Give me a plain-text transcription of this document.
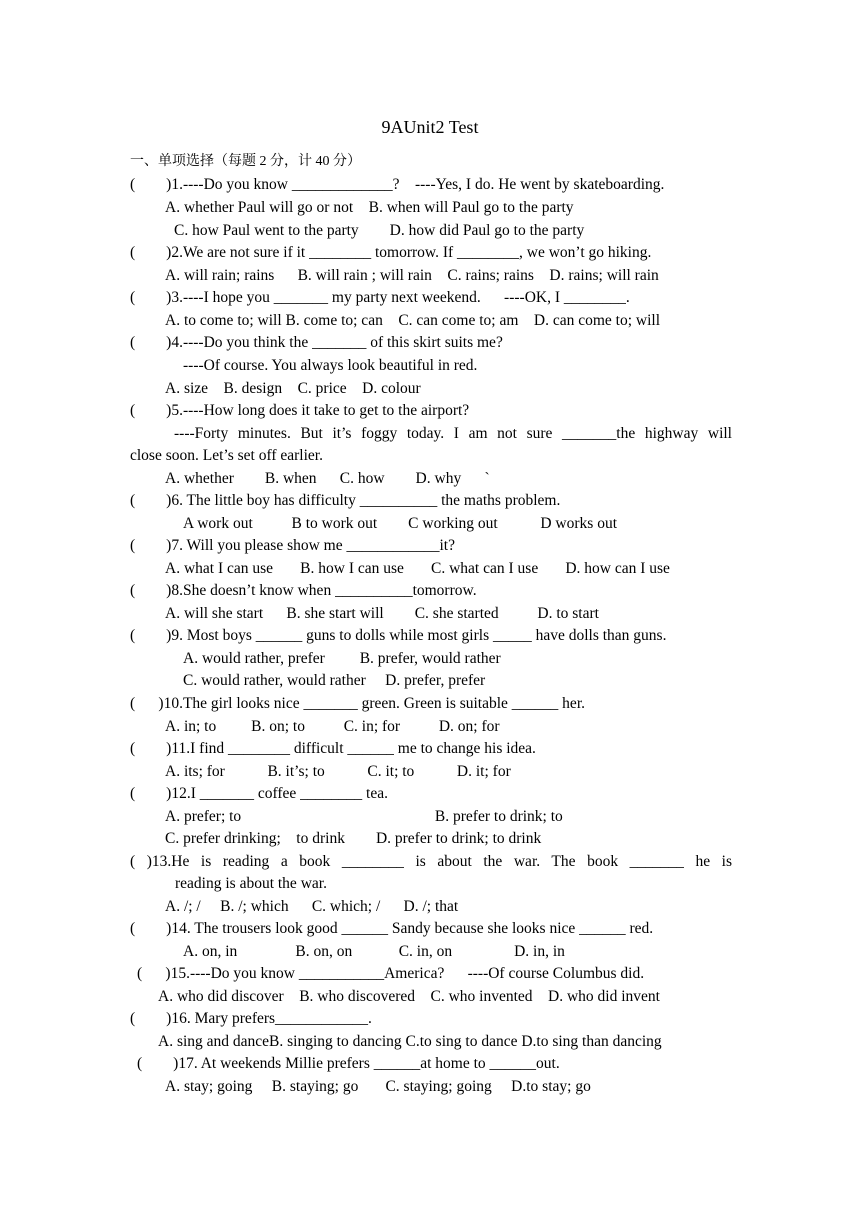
9AUnit2 Test
一、单项选择（每题 2 分，计 40 分）
(        )1.----Do you know _____________?    ----Yes, I do. He went by skateboarding.
A. whether Paul will go or not    B. when will Paul go to the party
C. how Paul went to the party        D. how did Paul go to the party
(        )2.We are not sure if it ________ tomorrow. If ________, we won’t go hiking.
A. will rain; rains      B. will rain ; will rain    C. rains; rains    D. rains; will rain
(        )3.----I hope you _______ my party next weekend.      ----OK, I ________.
A. to come to; will B. come to; can    C. can come to; am    D. can come to; will
(        )4.----Do you think the _______ of this skirt suits me?
----Of course. You always look beautiful in red.
A. size    B. design    C. price    D. colour
(        )5.----How long does it take to get to the airport?
----Forty minutes. But it’s foggy today. I am not sure _______the highway will
close soon. Let’s set off earlier.
A. whether        B. when      C. how        D. why      `
(        )6. The little boy has difficulty __________ the maths problem.
A work out          B to work out        C working out           D works out
(        )7. Will you please show me ____________it?
A. what I can use       B. how I can use       C. what can I use       D. how can I use
(        )8.She doesn’t know when __________tomorrow.
A. will she start      B. she start will        C. she started          D. to start
(        )9. Most boys ______ guns to dolls while most girls _____ have dolls than guns.
A. would rather, prefer         B. prefer, would rather
C. would rather, would rather     D. prefer, prefer
(      )10.The girl looks nice _______ green. Green is suitable ______ her.
A. in; to         B. on; to          C. in; for          D. on; for
(        )11.I find ________ difficult ______ me to change his idea.
A. its; for           B. it’s; to           C. it; to           D. it; for
(        )12.I _______ coffee ________ tea.
A. prefer; to                                                  B. prefer to drink; to
C. prefer drinking;    to drink        D. prefer to drink; to drink
( )13.He is reading a book ________ is about the war. The book _______ he is
reading is about the war.
A. /; /     B. /; which      C. which; /      D. /; that
(        )14. The trousers look good ______ Sandy because she looks nice ______ red.
A. on, in               B. on, on            C. in, on                D. in, in
(      )15.----Do you know ___________America?      ----Of course Columbus did.
A. who did discover    B. who discovered    C. who invented    D. who did invent
(        )16. Mary prefers____________.
A. sing and danceB. singing to dancing C.to sing to dance D.to sing than dancing
(        )17. At weekends Millie prefers ______at home to ______out.
A. stay; going     B. staying; go       C. staying; going     D.to stay; go
